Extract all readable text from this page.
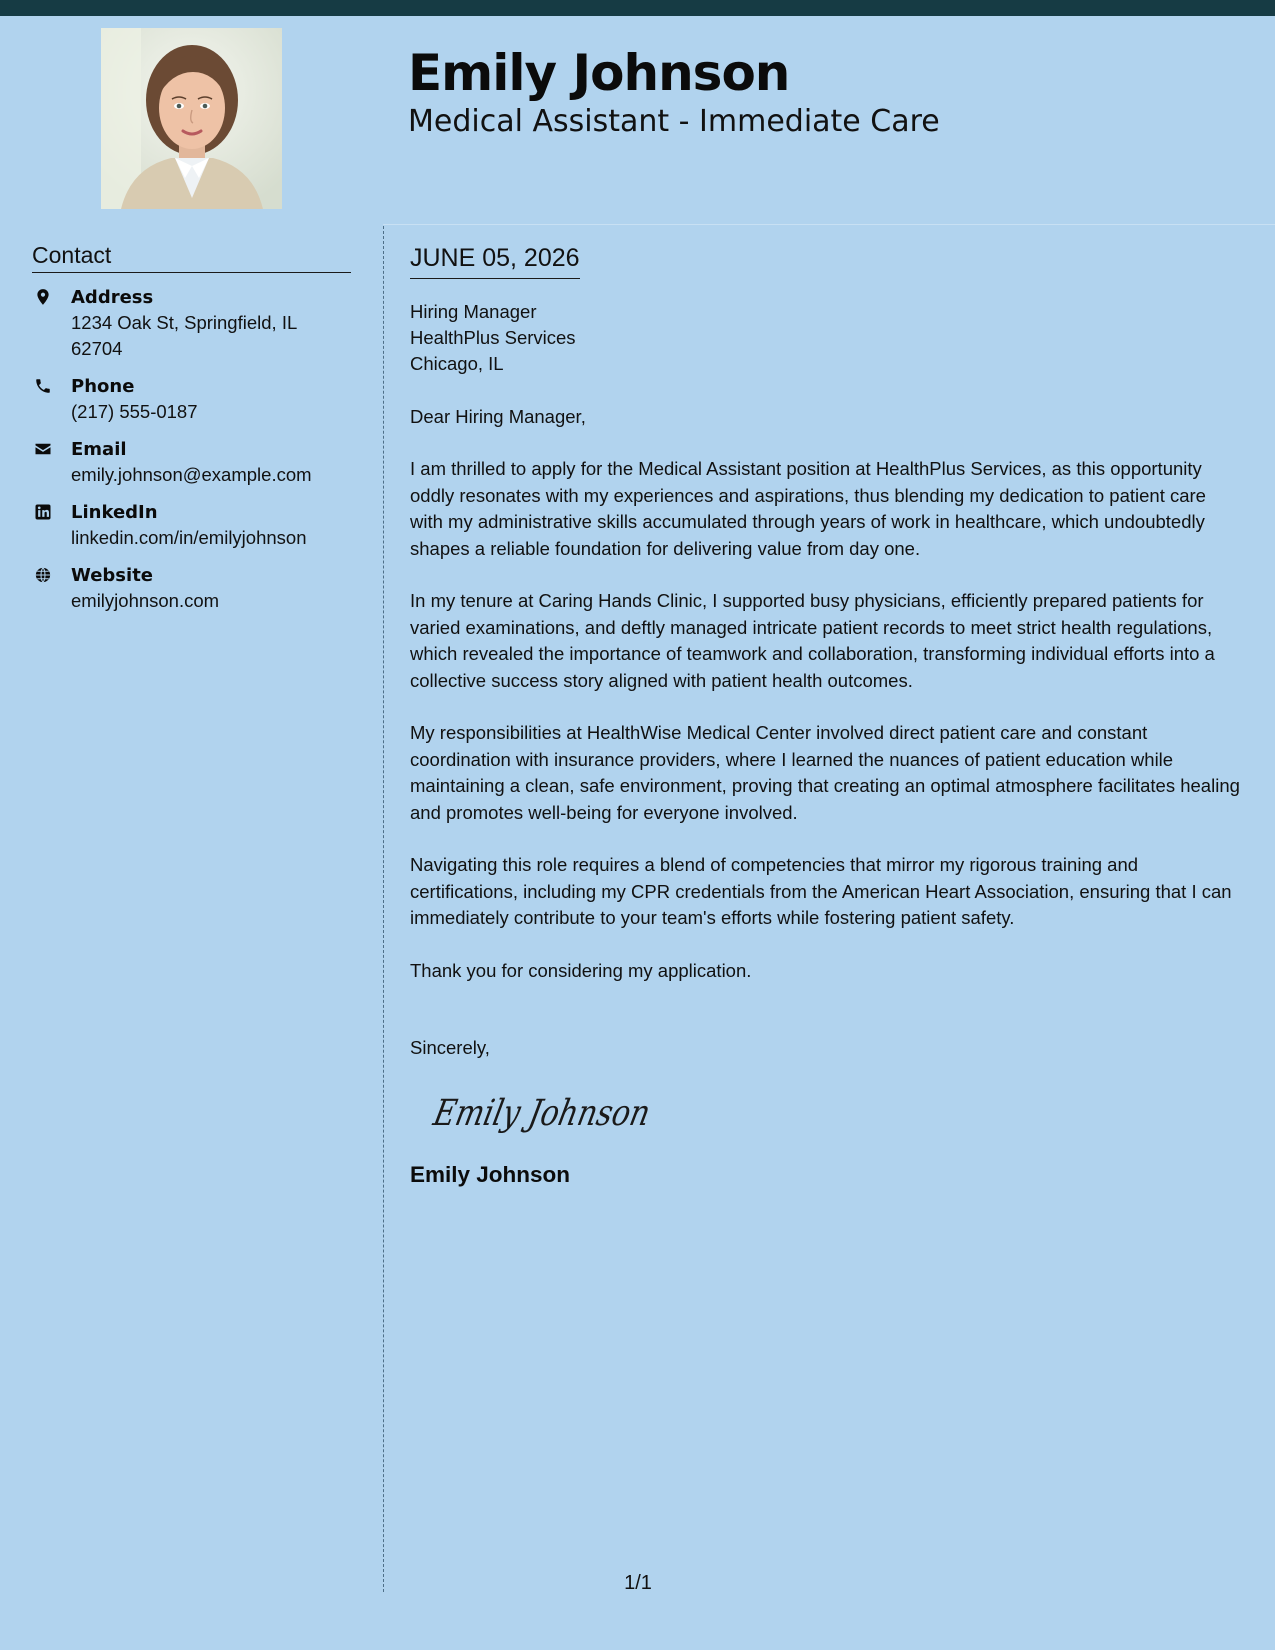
Emily Johnson
Medical Assistant - Immediate Care
Contact
Address
1234 Oak St, Springfield, IL
62704
Phone
(217) 555-0187
Email
emily.johnson@example.com
LinkedIn
linkedin.com/in/emilyjohnson
Website
emilyjohnson.com
JUNE 05, 2026
Hiring Manager
HealthPlus Services
Chicago, IL
Dear Hiring Manager,
I am thrilled to apply for the Medical Assistant position at HealthPlus Services, as this opportunity oddly resonates with my experiences and aspirations, thus blending my dedication to patient care with my administrative skills accumulated through years of work in healthcare, which undoubtedly shapes a reliable foundation for delivering value from day one.
In my tenure at Caring Hands Clinic, I supported busy physicians, efficiently prepared patients for varied examinations, and deftly managed intricate patient records to meet strict health regulations, which revealed the importance of teamwork and collaboration, transforming individual efforts into a collective success story aligned with patient health outcomes.
My responsibilities at HealthWise Medical Center involved direct patient care and constant coordination with insurance providers, where I learned the nuances of patient education while maintaining a clean, safe environment, proving that creating an optimal atmosphere facilitates healing and promotes well-being for everyone involved.
Navigating this role requires a blend of competencies that mirror my rigorous training and certifications, including my CPR credentials from the American Heart Association, ensuring that I can immediately contribute to your team's efforts while fostering patient safety.
Thank you for considering my application.
Sincerely,
Emily Johnson
Emily Johnson
1/1
